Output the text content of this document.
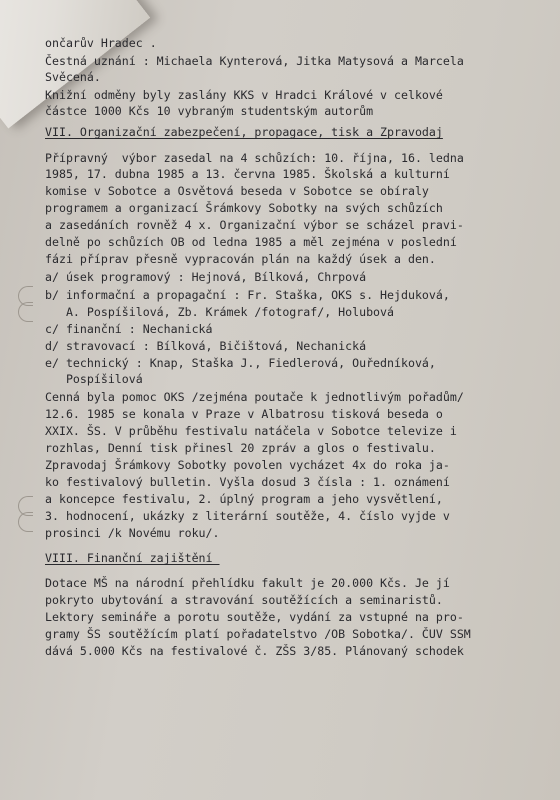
ončarův Hradec .
Čestná uznání : Michaela Kynterová, Jitka Matysová a Marcela
Svěcená.
Knižní odměny byly zaslány KKS v Hradci Králové v celkové
částce 1000 Kčs 10 vybraným studentským autorům
VII._Organizační_zabezpečení,_propagace,_tisk_a_Zpravodaj
Přípravný  výbor zasedal na 4 schůzích: 10. října, 16. ledna
1985, 17. dubna 1985 a 13. června 1985. Školská a kulturní
komise v Sobotce a Osvětová beseda v Sobotce se obíraly
programem a organizací Šrámkovy Sobotky na svých schůzích
a zasedáních rovněž 4 x. Organizační výbor se scházel pravi-
delně po schůzích OB od ledna 1985 a měl zejména v poslední
fázi příprav přesně vypracován plán na každý úsek a den.
a/ úsek programový : Hejnová, Bílková, Chrpová
b/ informační a propagační : Fr. Staška, OKS s. Hejduková,
A. Pospíšilová, Zb. Krámek /fotograf/, Holubová
c/ finanční : Nechanická
d/ stravovací : Bílková, Bičištová, Nechanická
e/ technický : Knap, Staška J., Fiedlerová, Ouředníková,
Pospíšilová
Cenná byla pomoc OKS /zejména poutače k jednotlivým pořadům/
12.6. 1985 se konala v Praze v Albatrosu tisková beseda o
XXIX. ŠS. V průběhu festivalu natáčela v Sobotce televize i
rozhlas, Denní tisk přinesl 20 zpráv a glos o festivalu.
Zpravodaj Šrámkovy Sobotky povolen vycházet 4x do roka ja-
ko festivalový bulletin. Vyšla dosud 3 čísla : 1. oznámení
a koncepce festivalu, 2. úplný program a jeho vysvětlení,
3. hodnocení, ukázky z literární soutěže, 4. číslo vyjde v
prosinci /k Novému roku/.
VIII._Finanční_zajištění_
Dotace MŠ na národní přehlídku fakult je 20.000 Kčs. Je jí
pokryto ubytování a stravování soutěžících a seminaristů.
Lektory semináře a porotu soutěže, vydání za vstupné na pro-
gramy ŠS soutěžícím platí pořadatelstvo /OB Sobotka/. ČUV SSM
dává 5.000 Kčs na festivalové č. ZŠS 3/85. Plánovaný schodek
